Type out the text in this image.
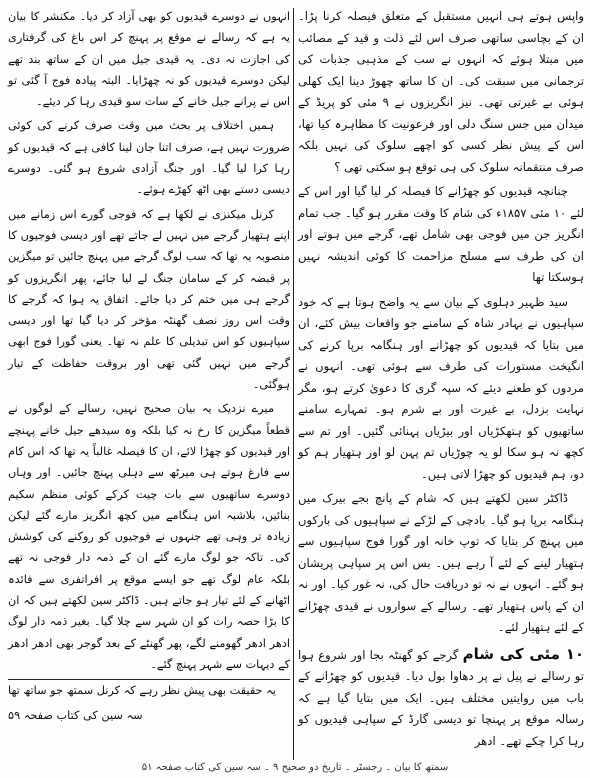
واپس ہوتے ہی انہیں مستقبل کے متعلق فیصلہ کرنا پڑا۔ ان کے بچاسی ساتھی صرف اس لئے ذلت و قید کے مصائب میں مبتلا ہوئے کہ انہوں نے سب کے مذہبی جذبات کی ترجمانی میں سبقت کی۔ ان کا ساتھ چھوڑ دینا ایک کھلی ہوئی بے غیرتی تھی۔ نیز انگریزوں نے ۹ مئی کو پریڈ کے میدان میں جس سنگ دلی اور فرعونیت کا مظاہرہ کیا تھا، اس کے پیش نظر کسی کو اچھے سلوک کی نہیں بلکہ صرف منتقمانہ سلوک کی ہی توقع ہو سکتی تھی ؟

چنانچہ قیدیوں کو چھڑانے کا فیصلہ کر لیا گیا اور اس کے لئے ۱۰ مئی ۱۸۵۷ء کی شام کا وقت مقرر ہو گیا۔ جب تمام انگریز جن میں فوجی بھی شامل تھے، گرجے میں ہوتے اور ان کی طرف سے مسلح مزاحمت کا کوئی اندیشہ نہیں ہوسکتا تھا

سید ظہیر دہلوی کے بیان سے یہ واضح ہوتا ہے کہ خود سپاہیوں نے بہادر شاہ کے سامنے جو واقعات بیش کئے، ان میں بتایا کہ قیدیوں کو چھڑانے اور ہنگامہ برپا کرنے کی انگیخت مستورات کی طرف سے ہوئی تھی۔ انہوں نے مردوں کو طعنے دیئے کہ سپہ گری کا دعویٰ کرتے ہو، مگر نہایت بزدل، بے غیرت اور بے شرم ہو۔ تمہارے سامنے ساتھیوں کو ہتھکڑیاں اور بیڑیاں پہنائی گئیں۔ اور تم سے کچھ نہ ہو سکا لو یہ چوڑیاں تم پہن لو اور ہتھیار ہم کو دو، ہم قیدیوں کو چھڑا لاتی ہیں۔

ڈاکٹر سین لکھتے ہیں کہ شام کے پانچ بجے بیرک میں ہنگامہ برپا ہو گیا۔ بادچی کے لڑکے نے سپاہیوں کی بارکوں میں پہنچ کر بتایا کہ توپ خانہ اور گورا فوج سپاہیوں سے ہتھیار لینے کے لئے آ رہے ہیں۔ بس اس پر سپاہی پریشان ہو گئے۔ انہوں نے نہ تو دریافت حال کی، نہ غور کیا۔ اور نہ ان کے پاس ہتھیار تھے۔ رسالے کے سواروں نے قیدی چھڑانے کے لئے ہتھیار لئے۔

۱۰ مئی کی شام گرجے کو گھنٹہ بجا اور شروع ہوا تو رسالے نے پیل نے پر دھاوا بول دیا۔ قیدیوں کو چھڑانے کے باب میں روایتیں مختلف ہیں۔ ایک میں بتایا گیا ہے کہ رسالہ موقع پر پہنچا تو دیسی گارڈ کے سپاہی قیدیوں کو رہا کرا چکے تھے۔ ادھر

انہوں نے دوسرے قیدیوں کو بھی آزاد کر دیا۔ مکنشر کا بیان یہ ہے کہ رسالے نے موقع پر پہنچ کر اس باغ کی گرفتاری کی اجازت نہ دی۔ یہ قیدی جیل میں ان کے ساتھ بند تھے لیکن دوسرے قیدیوں کو نہ چھڑایا۔ البتہ پیادہ فوج آ گئی تو اس نے پرانے جیل خانے کے سات سو قیدی رہا کر دیئے۔

ہمیں اختلاف پر بحث میں وقت صرف کرنے کی کوئی ضرورت نہیں ہے، صرف اتنا جان لینا کافی ہے کہ قیدیوں کو رہا کرا لیا گیا۔ اور جنگ آزادی شروع ہو گئی۔ دوسرے دیسی دستے بھی اٹھ کھڑے ہوئے۔

کرنل میکنزی نے لکھا ہے کہ فوجی گورے اس زمانے میں اپنے ہتھیار گرجے میں نہیں لے جاتے تھے اور دیسی فوجیوں کا منصوبہ یہ تھا کہ سب لوگ گرجے میں پہنچ جائیں تو میگزین پر قبضہ کر کے سامان جنگ لے لیا جائے، پھر انگریزوں کو گرجے ہی میں ختم کر دیا جائے۔ اتفاق یہ ہوا کہ گرجے کا وقت اس روز نصف گھنٹہ مؤخر کر دیا گیا تھا اور دیسی سپاہیوں کو اس تبدیلی کا علم نہ تھا۔ یعنی گورا فوج ابھی گرجے میں نہیں گئی تھی اور بروقت حفاظت کے تیار ہوگئی۔

میرے نزدیک یہ بیان صحیح نہیں، رسالے کے لوگوں نے قطعاً میگزین کا رخ نہ کیا بلکہ وہ سیدھے جیل خانے پہنچے اور قیدیوں کو چھڑا لائے، ان کا فیصلہ غالباً یہ تھا کہ اس کام سے فارغ ہوتے ہی میرٹھ سے دہلی پہنچ جائیں۔ اور وہاں دوسرے ساتھیوں سے بات چیت کرکے کوئی منظم سکیم بنائیں، بلاشبہ اس ہنگامے میں کچھ انگریز مارے گئے لیکن زیادہ تر وہی تھے جنہوں نے فوجیوں کو روکنے کی کوشش کی۔ تاکہ جو لوگ مارے گئے ان کے ذمہ دار فوجی نہ تھے بلکہ عام لوگ تھے جو ایسے موقع پر افراتفری سے فائدہ اٹھانے کے لئے تیار ہو جاتے ہیں۔ ڈاکٹر سین لکھتے ہیں کہ ان کا بڑا حصہ رات کو ان شہر سے چلا گیا۔ بغیر ذمہ دار لوگ ادھر ادھر گھومنے لگے، پھر گھنٹے کے بعد گوجر بھی ادھر ادھر کے دیہات سے شہر پہنچ گئے۔

یہ حقیقت بھی پیش نظر رہے کہ کرنل سمتھ جو ساتھ تھا

سہ سین کی کتاب صفحہ ۵۹

سمتھ کا بیان ۔ رجسٹر ۔ تاریخ دو صحیح ۹ ۔ سہ سین کی کتاب صفحہ ۵۱
